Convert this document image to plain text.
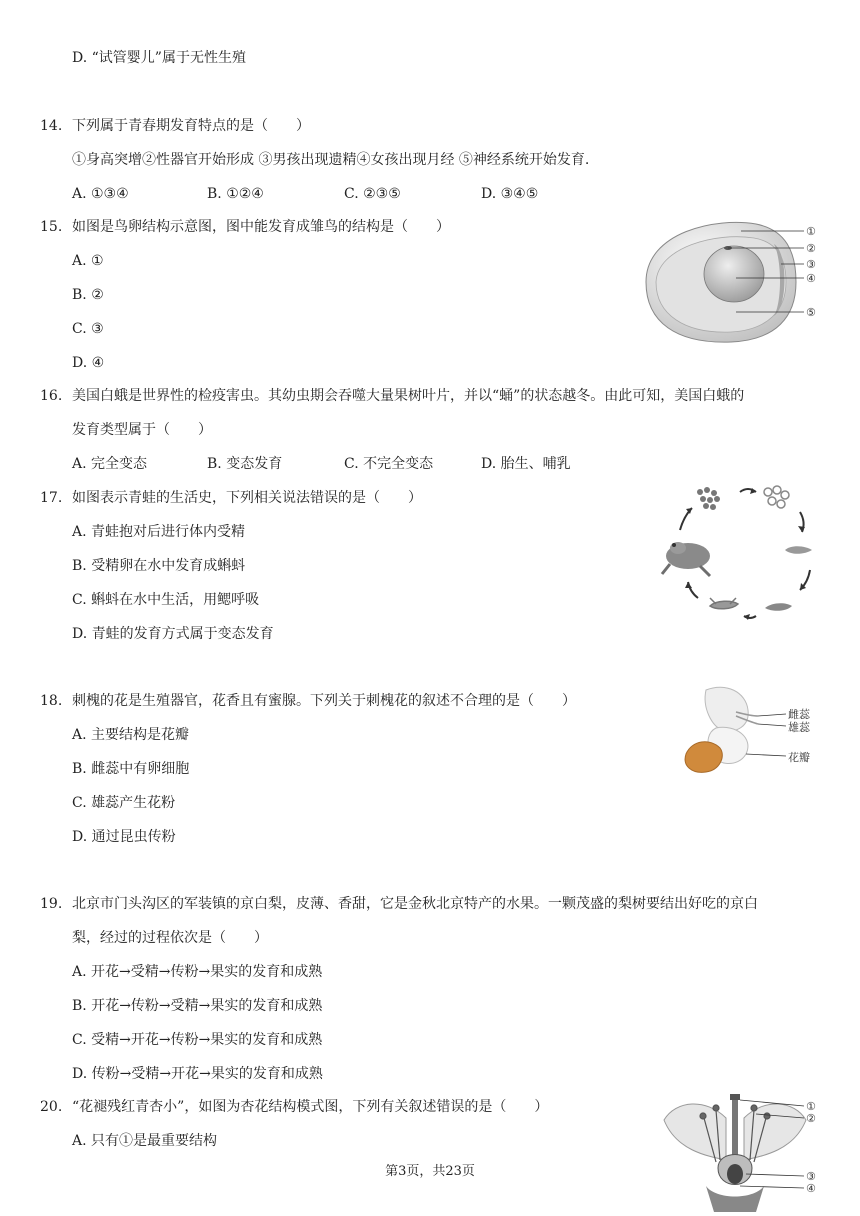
D. “试管婴儿”属于无性生殖
14. 下列属于青春期发育特点的是（　　）
①身高突增②性器官开始形成 ③男孩出现遗精④女孩出现月经 ⑤神经系统开始发育.
A. ①③④	B. ①②④	C. ②③⑤	D. ③④⑤
15. 如图是鸟卵结构示意图，图中能发育成雏鸟的结构是（　　）
A. ①
B. ②
C. ③
D. ④
①
②
③
④
⑤
16. 美国白蛾是世界性的检疫害虫。其幼虫期会吞噬大量果树叶片，并以“蛹”的状态越冬。由此可知，美国白蛾的
发育类型属于（　　）
A. 完全变态	B. 变态发育	C. 不完全变态	D. 胎生、哺乳
17. 如图表示青蛙的生活史，下列相关说法错误的是（　　）
A. 青蛙抱对后进行体内受精
B. 受精卵在水中发育成蝌蚪
C. 蝌蚪在水中生活，用鳃呼吸
D. 青蛙的发育方式属于变态发育
18. 刺槐的花是生殖器官，花香且有蜜腺。下列关于刺槐花的叙述不合理的是（　　）
A. 主要结构是花瓣
B. 雌蕊中有卵细胞
C. 雄蕊产生花粉
D. 通过昆虫传粉
雌蕊
雄蕊
花瓣
19. 北京市门头沟区的军装镇的京白梨，皮薄、香甜，它是金秋北京特产的水果。一颗茂盛的梨树要结出好吃的京白
梨，经过的过程依次是（　　）
A. 开花→受精→传粉→果实的发育和成熟
B. 开花→传粉→受精→果实的发育和成熟
C. 受精→开花→传粉→果实的发育和成熟
D. 传粉→受精→开花→果实的发育和成熟
20. “花褪残红青杏小”，如图为杏花结构模式图，下列有关叙述错误的是（　　）
A. 只有①是最重要结构
①
②
③
④
第3页，共23页
